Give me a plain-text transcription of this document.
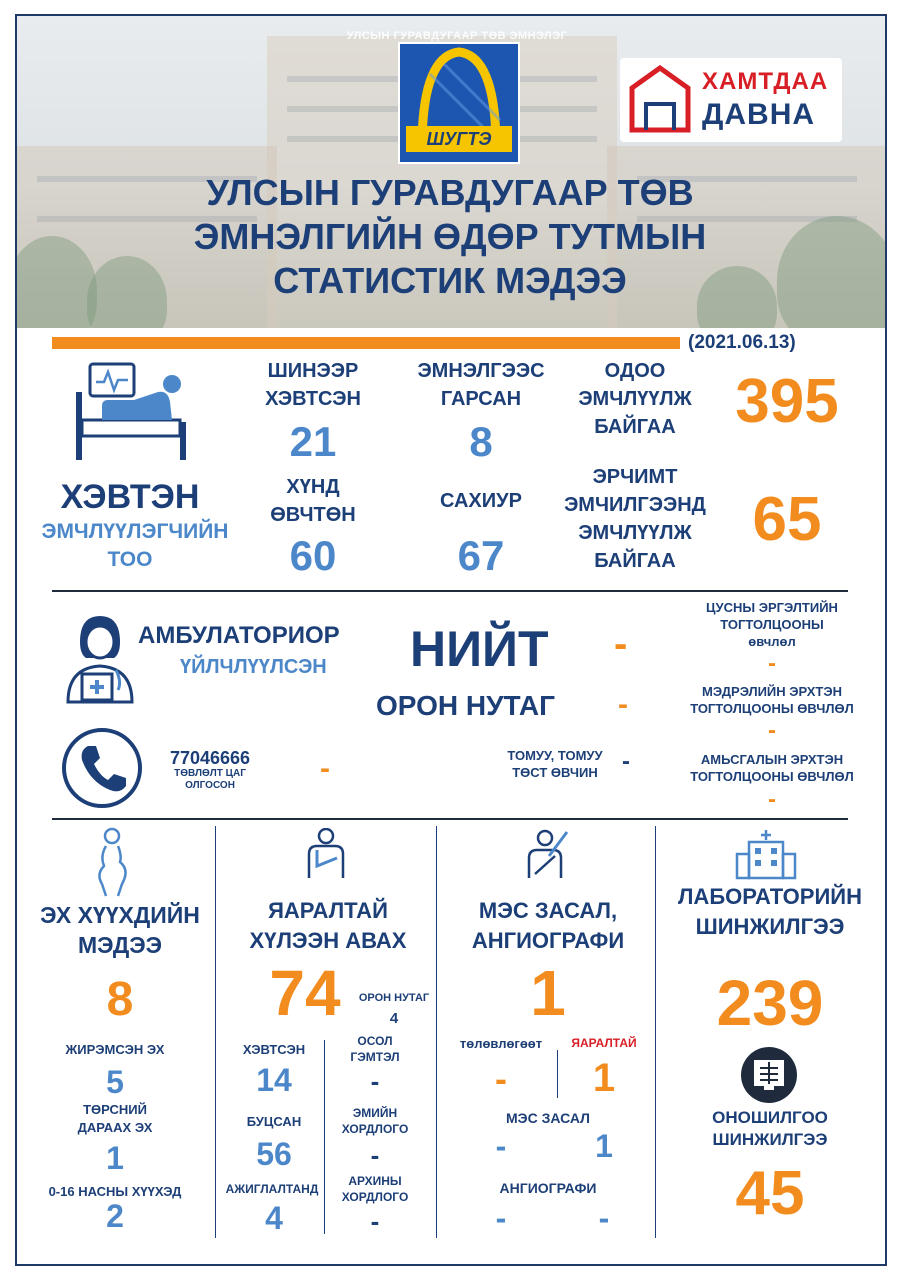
УЛСЫН ГУРАВДУГААР ТӨВ ЭМНЭЛЭГ
ШУГТЭ
ХАМТДАА
ДАВНА
УЛСЫН ГУРАВДУГААР ТӨВ
ЭМНЭЛГИЙН ӨДӨР ТУТМЫН
СТАТИСТИК МЭДЭЭ
(2021.06.13)
ХЭВТЭН
ЭМЧЛҮҮЛЭГЧИЙН
ТОО
ШИНЭЭР
ХЭВТСЭН
21
ЭМНЭЛГЭЭС
ГАРСАН
8
ОДОО
ЭМЧЛҮҮЛЖ
БАЙГАА 395
ХҮНД
ӨВЧТӨН
60
САХИУР
67
ЭРЧИМТ
ЭМЧИЛГЭЭНД
ЭМЧЛҮҮЛЖ
БАЙГАА
65
АМБУЛАТОРИОР
ҮЙЛЧЛҮҮЛСЭН НИЙТ -
ОРОН НУТАГ -
77046666
ТӨВЛӨЛТ ЦАГ
ОЛГОСОН
-	ТОМУУ, ТОМУУ
ТӨСТ ӨВЧИН	-
ЦУСНЫ ЭРГЭЛТИЙН
ТОГТОЛЦООНЫ
өвчлөл
-
МЭДРЭЛИЙН ЭРХТЭН
ТОГТОЛЦООНЫ ӨВЧЛӨЛ
-
АМЬСГАЛЫН ЭРХТЭН
ТОГТОЛЦООНЫ ӨВЧЛӨЛ
-
ЭХ ХҮҮХДИЙН
МЭДЭЭ
8
ЖИРЭМСЭН ЭХ
5
ТӨРСНИЙ
ДАРААХ ЭХ
1
0-16 НАСНЫ ХҮҮХЭД
2
ЯАРАЛТАЙ
ХҮЛЭЭН АВАХ
74	ОРОН НУТАГ
4
ХЭВТСЭН
14
ОСОЛ
ГЭМТЭЛ
-
БУЦСАН
56
ЭМИЙН
ХОРДЛОГО
-
АЖИГЛАЛТАНД
4
АРХИНЫ
ХОРДЛОГО
-
МЭС ЗАСАЛ,
АНГИОГРАФИ
1
төлөвлөгөөт	ЯАРАЛТАЙ
-	1
МЭС ЗАСАЛ
-	1
АНГИОГРАФИ
-	-
ЛАБОРАТОРИЙН
ШИНЖИЛГЭЭ
239
ОНОШИЛГОО
ШИНЖИЛГЭЭ
45
